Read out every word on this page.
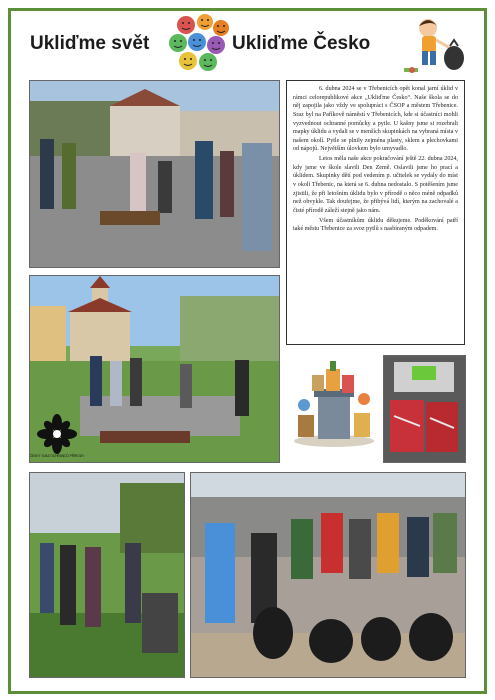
Ukliďme svět	Ukliďme Česko

6. dubna 2024 se v Třebenicích opět konal jarní úklid v rámci celorepublikové akce „Ukliďme Česko“. Naše škola se do něj zapojila jako vždy ve spolupráci s ČSOP a městem Třebenice. Sraz byl na Paříkově náměstí v Třebenicích, kde si účastníci mohli vyzvednout ochranné pomůcky a pytle. U kašny jsme si rozebrali mapky úklidu a vydali se v menších skupinkách na vybraná místa v našem okolí. Pytle se plnily zejména plasty, sklem a plechovkami od nápojů. Největším úlovkem bylo umyvadlo.

Letos měla naše akce pokračování ještě 22. dubna 2024, kdy jsme ve škole slavili Den Země. Oslavili jsme ho prací a úklidem. Skupinky dětí pod vedením p. učitelek se vydaly do míst v okolí Třebenic, na která se 6. dubna nedostalo. S potěšením jsme zjistili, že při letošním úklidu bylo v přírodě o něco méně odpadků než obvykle. Tak doufejme, že přibývá lidí, kterým na zachovalé a čisté přírodě záleží stejně jako nám.

Všem účastníkům úklidu děkujeme. Poděkování patří také městu Třebenice za svoz pytlů s nasbíraným odpadem.

ČESKÝ SVAZ OCHRANCŮ PŘÍRODY
